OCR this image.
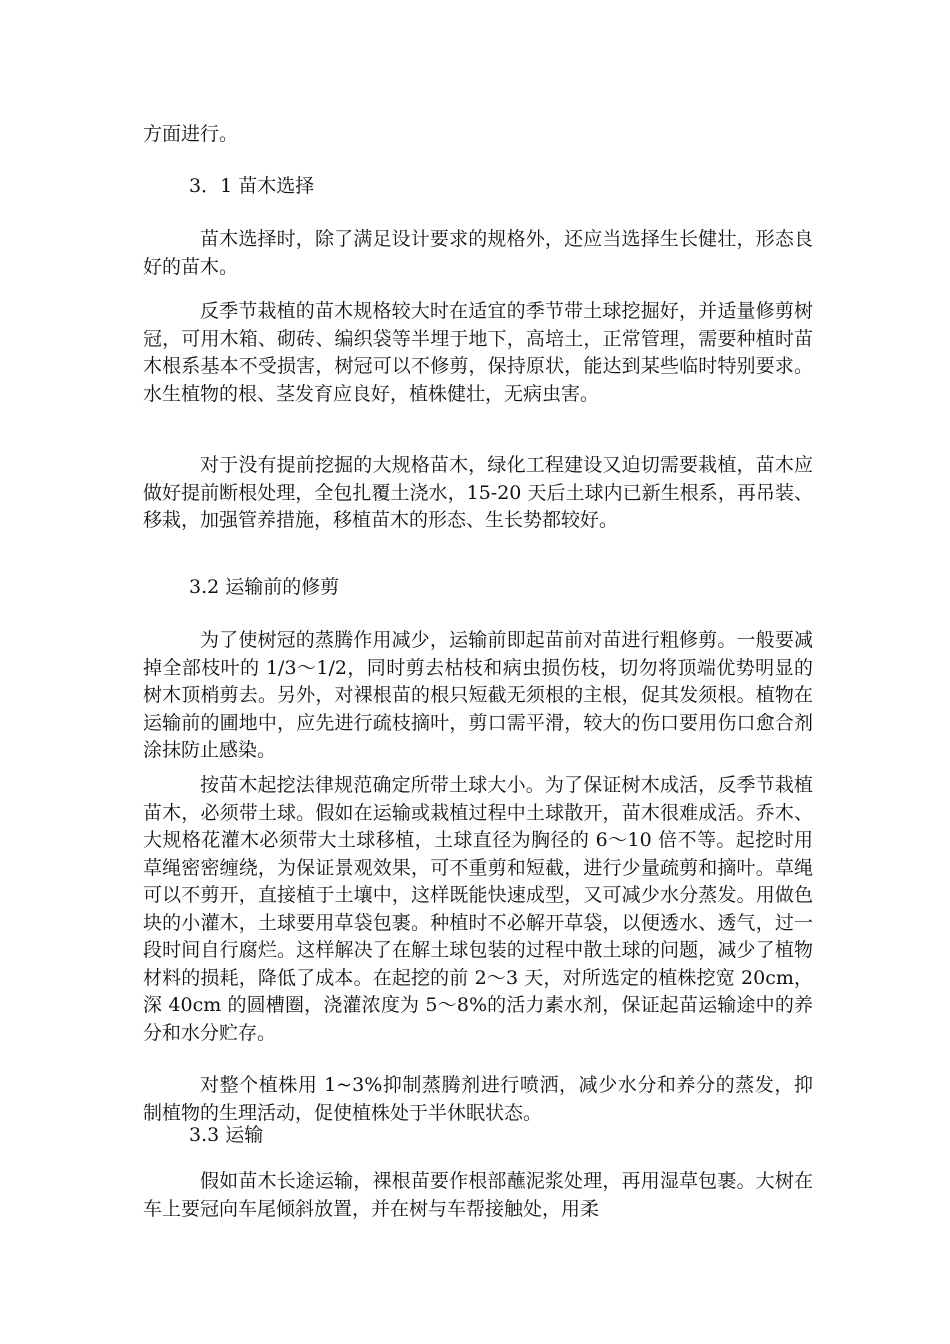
方面进行。

3．1 苗木选择

苗木选择时，除了满足设计要求的规格外，还应当选择生长健壮，形态良好的苗木。

反季节栽植的苗木规格较大时在适宜的季节带土球挖掘好，并适量修剪树冠，可用木箱、砌砖、编织袋等半埋于地下，高培土，正常管理，需要种植时苗木根系基本不受损害，树冠可以不修剪，保持原状，能达到某些临时特别要求。水生植物的根、茎发育应良好，植株健壮，无病虫害。

对于没有提前挖掘的大规格苗木，绿化工程建设又迫切需要栽植，苗木应做好提前断根处理，全包扎覆土浇水，15-20 天后土球内已新生根系，再吊装、移栽，加强管养措施，移植苗木的形态、生长势都较好。

3.2 运输前的修剪

为了使树冠的蒸腾作用减少，运输前即起苗前对苗进行粗修剪。一般要减掉全部枝叶的 1/3～1/2，同时剪去枯枝和病虫损伤枝，切勿将顶端优势明显的树木顶梢剪去。另外，对裸根苗的根只短截无须根的主根，促其发须根。植物在运输前的圃地中，应先进行疏枝摘叶，剪口需平滑，较大的伤口要用伤口愈合剂涂抹防止感染。

按苗木起挖法律规范确定所带土球大小。为了保证树木成活，反季节栽植苗木，必须带土球。假如在运输或栽植过程中土球散开，苗木很难成活。乔木、大规格花灌木必须带大土球移植，土球直径为胸径的 6～10 倍不等。起挖时用草绳密密缠绕，为保证景观效果，可不重剪和短截，进行少量疏剪和摘叶。草绳可以不剪开，直接植于土壤中，这样既能快速成型，又可减少水分蒸发。用做色块的小灌木，土球要用草袋包裹。种植时不必解开草袋，以便透水、透气，过一段时间自行腐烂。这样解决了在解土球包装的过程中散土球的问题，减少了植物材料的损耗，降低了成本。在起挖的前 2～3 天，对所选定的植株挖宽 20cm，深 40cm 的圆槽圈，浇灌浓度为 5～8%的活力素水剂，保证起苗运输途中的养分和水分贮存。

对整个植株用 1~3%抑制蒸腾剂进行喷洒，减少水分和养分的蒸发，抑制植物的生理活动，促使植株处于半休眠状态。

3.3 运输

假如苗木长途运输，裸根苗要作根部蘸泥浆处理，再用湿草包裹。大树在车上要冠向车尾倾斜放置，并在树与车帮接触处，用柔
